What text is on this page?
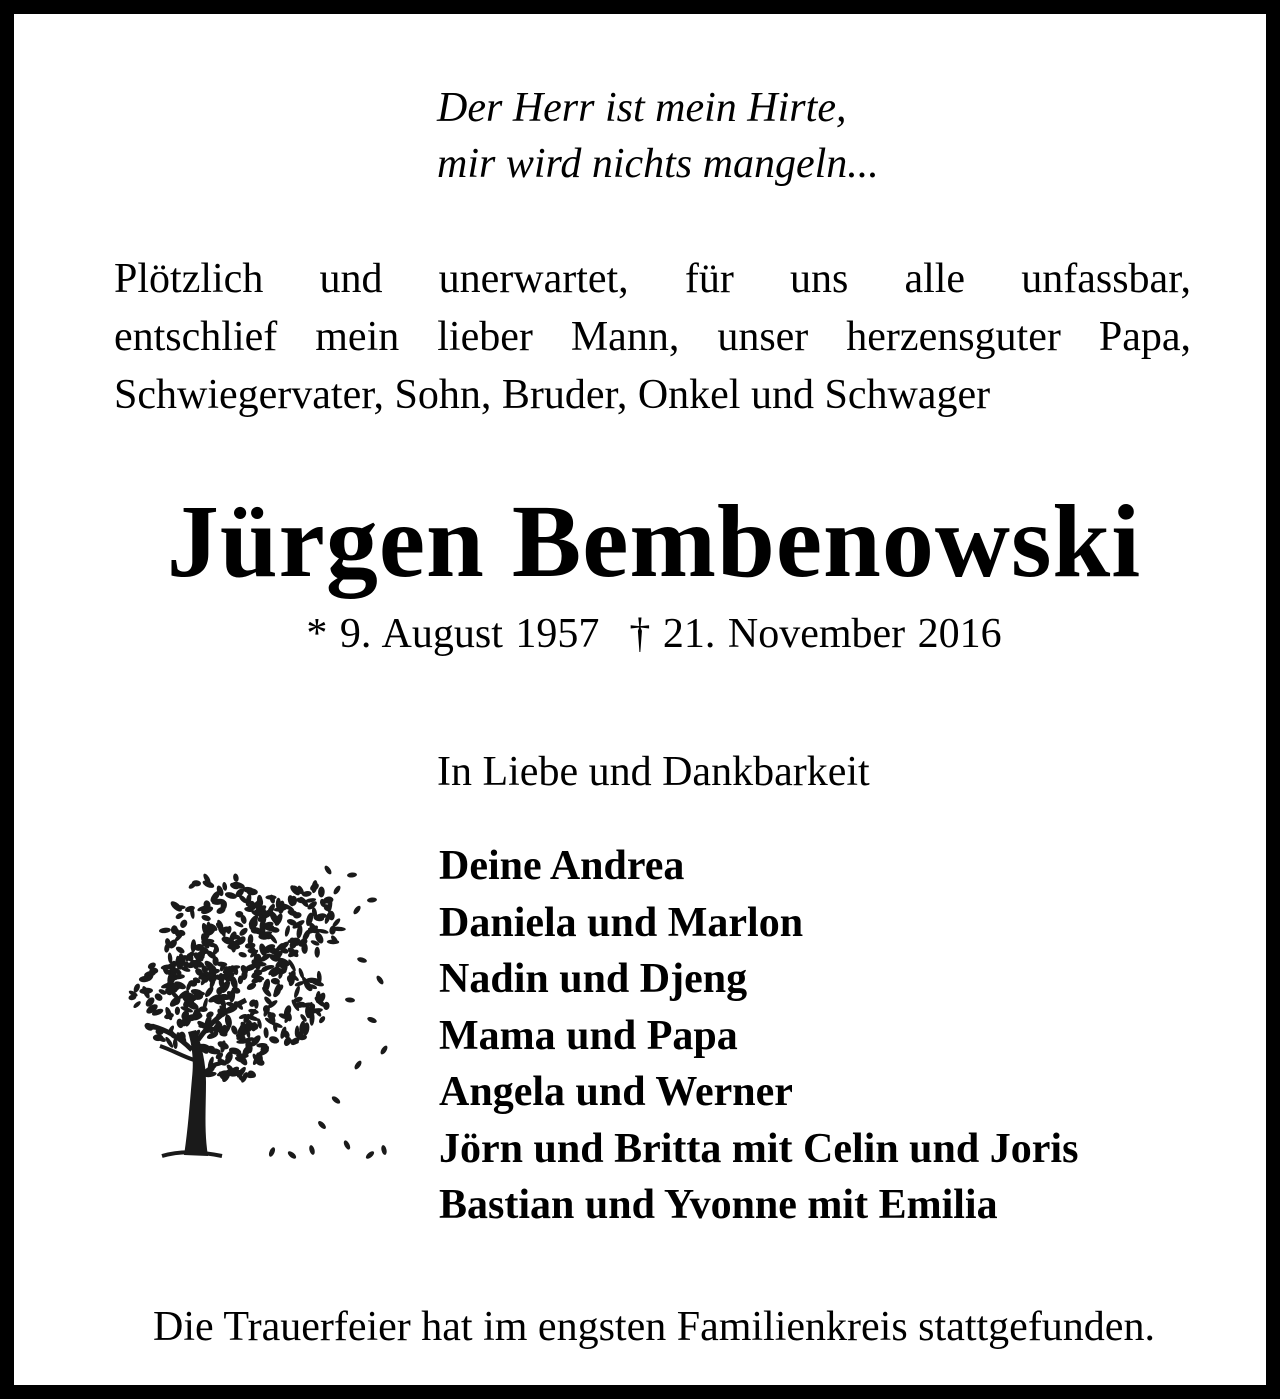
Der Herr ist mein Hirte,
mir wird nichts mangeln...
Plötzlich und unerwartet, für uns alle unfassbar,
entschlief mein lieber Mann, unser herzensguter Papa,
Schwiegervater, Sohn, Bruder, Onkel und Schwager
Jürgen Bembenowski
* 9. August 1957 † 21. November 2016
In Liebe und Dankbarkeit
Deine Andrea
Daniela und Marlon
Nadin und Djeng
Mama und Papa
Angela und Werner
Jörn und Britta mit Celin und Joris
Bastian und Yvonne mit Emilia
Die Trauerfeier hat im engsten Familienkreis stattgefunden.
